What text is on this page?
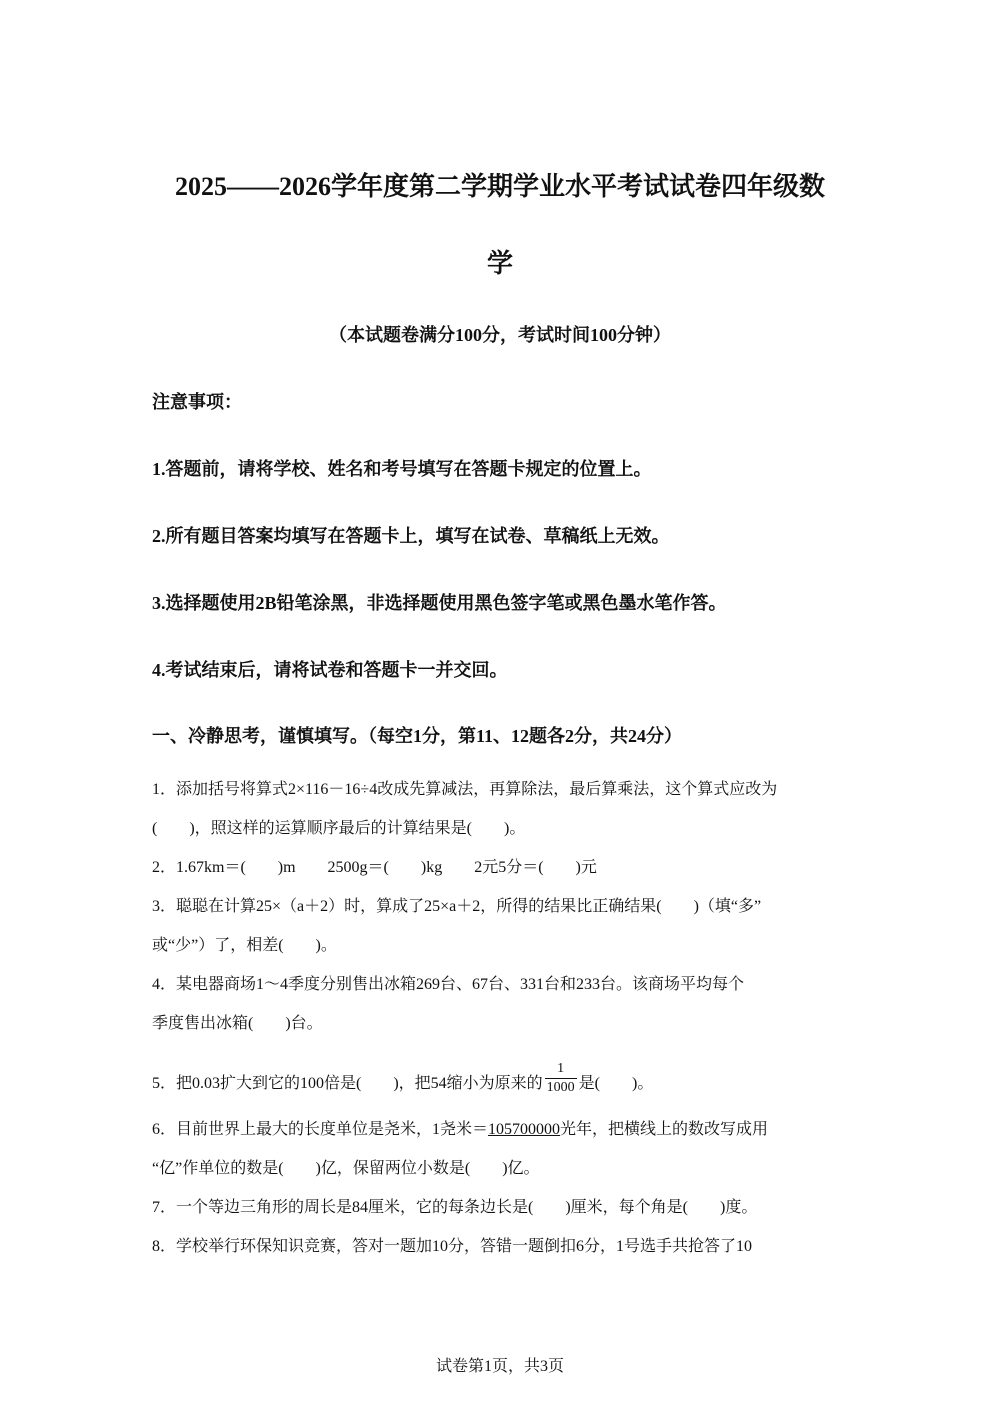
2025——2026学年度第二学期学业水平考试试卷四年级数
学
（本试题卷满分100分，考试时间100分钟）
注意事项：
1.答题前，请将学校、姓名和考号填写在答题卡规定的位置上。
2.所有题目答案均填写在答题卡上，填写在试卷、草稿纸上无效。
3.选择题使用2B铅笔涂黑，非选择题使用黑色签字笔或黑色墨水笔作答。
4.考试结束后，请将试卷和答题卡一并交回。
一、冷静思考，谨慎填写。（每空1分，第11、12题各2分，共24分）
1．添加括号将算式2×116－16÷4改成先算减法，再算除法，最后算乘法，这个算式应改为
(　　)，照这样的运算顺序最后的计算结果是(　　)。
2．1.67km＝(　　)m　　2500g＝(　　)kg　　2元5分＝(　　)元
3．聪聪在计算25×（a＋2）时，算成了25×a＋2，所得的结果比正确结果(　　)（填“多”
或“少”）了，相差(　　)。
4．某电器商场1～4季度分别售出冰箱269台、67台、331台和233台。该商场平均每个
季度售出冰箱(　　)台。
5．把0.03扩大到它的100倍是(　　)，把54缩小为原来的 $\frac{1}{1000}$ 是(　　)。
6．目前世界上最大的长度单位是尧米，1尧米＝105700000光年，把横线上的数改写成用
“亿”作单位的数是(　　)亿，保留两位小数是(　　)亿。
7．一个等边三角形的周长是84厘米，它的每条边长是(　　)厘米，每个角是(　　)度。
8．学校举行环保知识竞赛，答对一题加10分，答错一题倒扣6分，1号选手共抢答了10
试卷第1页，共3页
